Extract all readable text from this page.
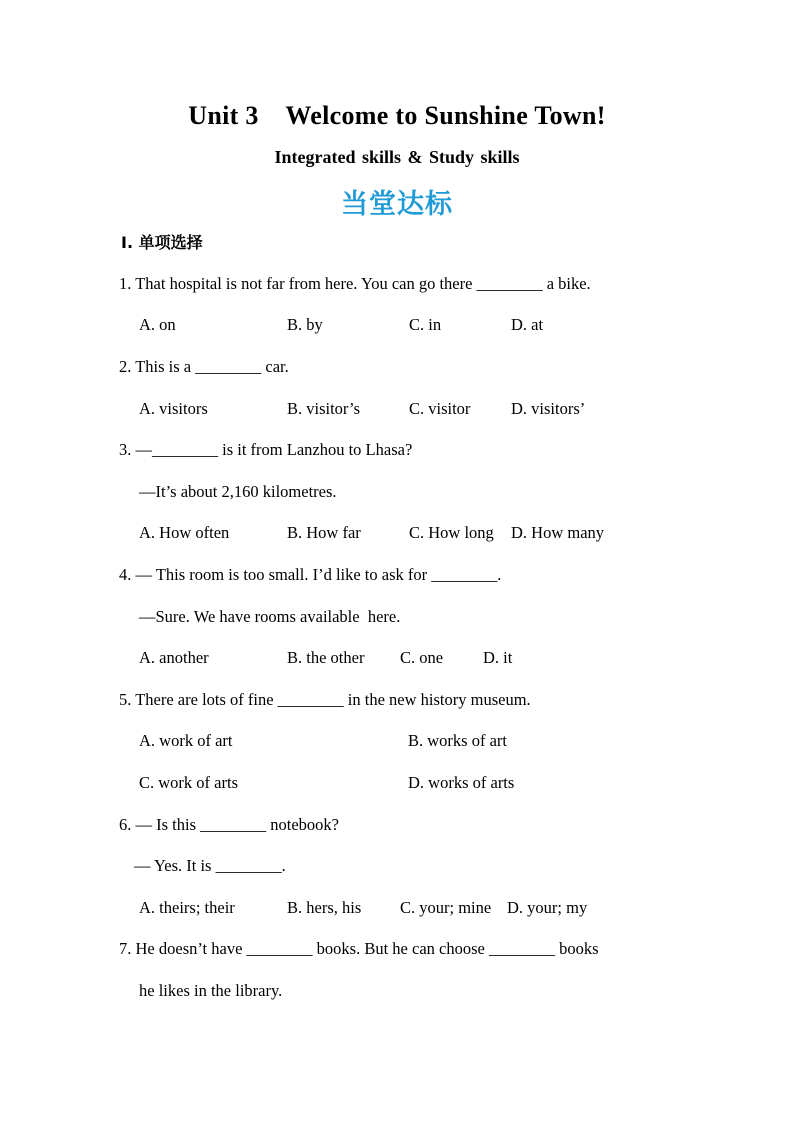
Unit 3    Welcome to Sunshine Town!
Integrated skills & Study skills
当堂达标
Ⅰ. 单项选择
1. That hospital is not far from here. You can go there ________ a bike.
A. on	B. by	C. in	D. at
2. This is a ________ car.
A. visitors	B. visitor’s	C. visitor D. visitors’
3. —________ is it from Lanzhou to Lhasa?
—It’s about 2,160 kilometres.
A. How often	B. How far	C. How long D. How many
4. — This room is too small. I’d like to ask for ________.
—Sure. We have rooms available  here.
A. another	B. the other C. one D. it
5. There are lots of fine ________ in the new history museum.
A. work of art	B. works of art
C. work of arts	D. works of arts
6. — Is this ________ notebook?
— Yes. It is ________.
A. theirs; their	B. hers, his C. your; mine D. your; my
7. He doesn’t have ________ books. But he can choose ________ books
he likes in the library.
